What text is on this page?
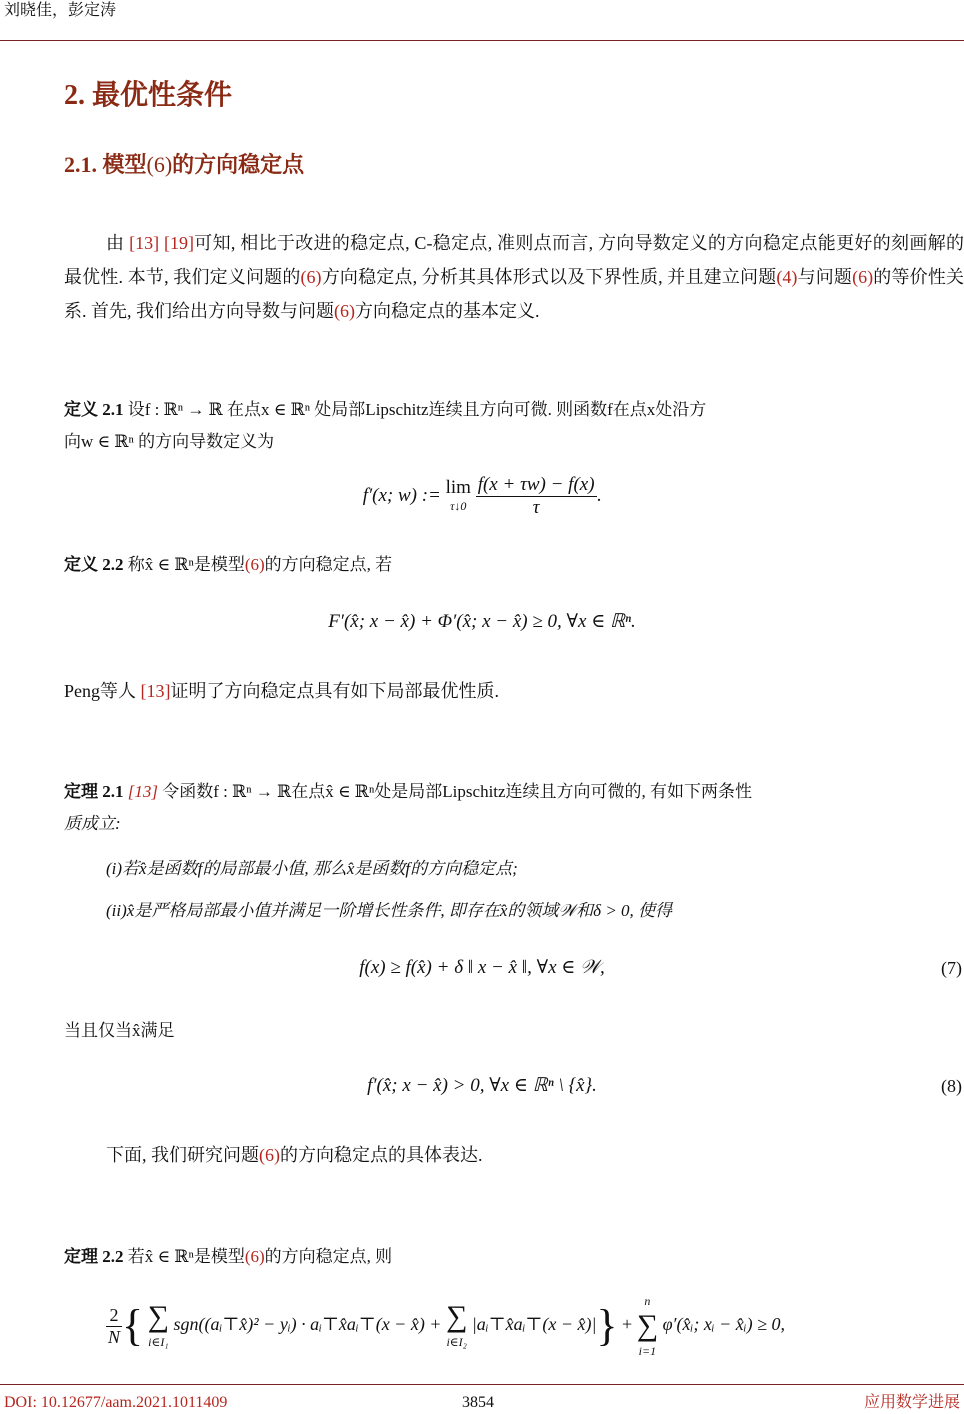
刘晓佳，彭定涛
2. 最优性条件
2.1. 模型(6)的方向稳定点
由 [13] [19]可知, 相比于改进的稳定点, C-稳定点, 准则点而言, 方向导数定义的方向稳定点能更好的刻画解的最优性. 本节, 我们定义问题的(6)方向稳定点, 分析其具体形式以及下界性质, 并且建立问题(4)与问题(6)的等价性关系. 首先, 我们给出方向导数与问题(6)方向稳定点的基本定义.
定义 2.1 设f : ℝⁿ → ℝ 在点x ∈ ℝⁿ 处局部Lipschitz连续且方向可微. 则函数f在点x处沿方
向w ∈ ℝⁿ 的方向导数定义为
f′(x; w) := lim
τ↓0
$\frac{f(x + \tau w) - f(x)}{\tau}$ .
定义 2.2 称x̂ ∈ ℝⁿ是模型(6)的方向稳定点, 若
F′(x̂; x − x̂) + Φ′(x̂; x − x̂) ≥ 0, ∀x ∈ ℝⁿ.
Peng等人 [13]证明了方向稳定点具有如下局部最优性质.
定理 2.1 [13] 令函数f : ℝⁿ → ℝ在点x̂ ∈ ℝⁿ处是局部Lipschitz连续且方向可微的, 有如下两条性
质成立:
(i)若x̂是函数f的局部最小值, 那么x̂是函数f的方向稳定点;
(ii)x̂是严格局部最小值并满足一阶增长性条件, 即存在x̂的领域𝒲和δ > 0, 使得
f(x) ≥ f(x̂) + δ ‖ x − x̂ ‖, ∀x ∈ 𝒲,	(7)
当且仅当x̂满足
f′(x̂; x − x̂) > 0, ∀x ∈ ℝⁿ \ {x̂}.	(8)
下面, 我们研究问题(6)的方向稳定点的具体表达.
定理 2.2 若x̂ ∈ ℝⁿ是模型(6)的方向稳定点, 则
$\frac{2}{N}$ { ∑
i∈I₁
sgn((aᵢ⊤x̂)² − yᵢ) · aᵢ⊤x̂aᵢ⊤(x − x̂) + ∑
i∈I₂
|aᵢ⊤x̂aᵢ⊤(x − x̂)|} +
n
∑
i=1
φ′(x̂ᵢ; xᵢ − x̂ᵢ) ≥ 0,
DOI: 10.12677/aam.2021.1011409	3854	应用数学进展
